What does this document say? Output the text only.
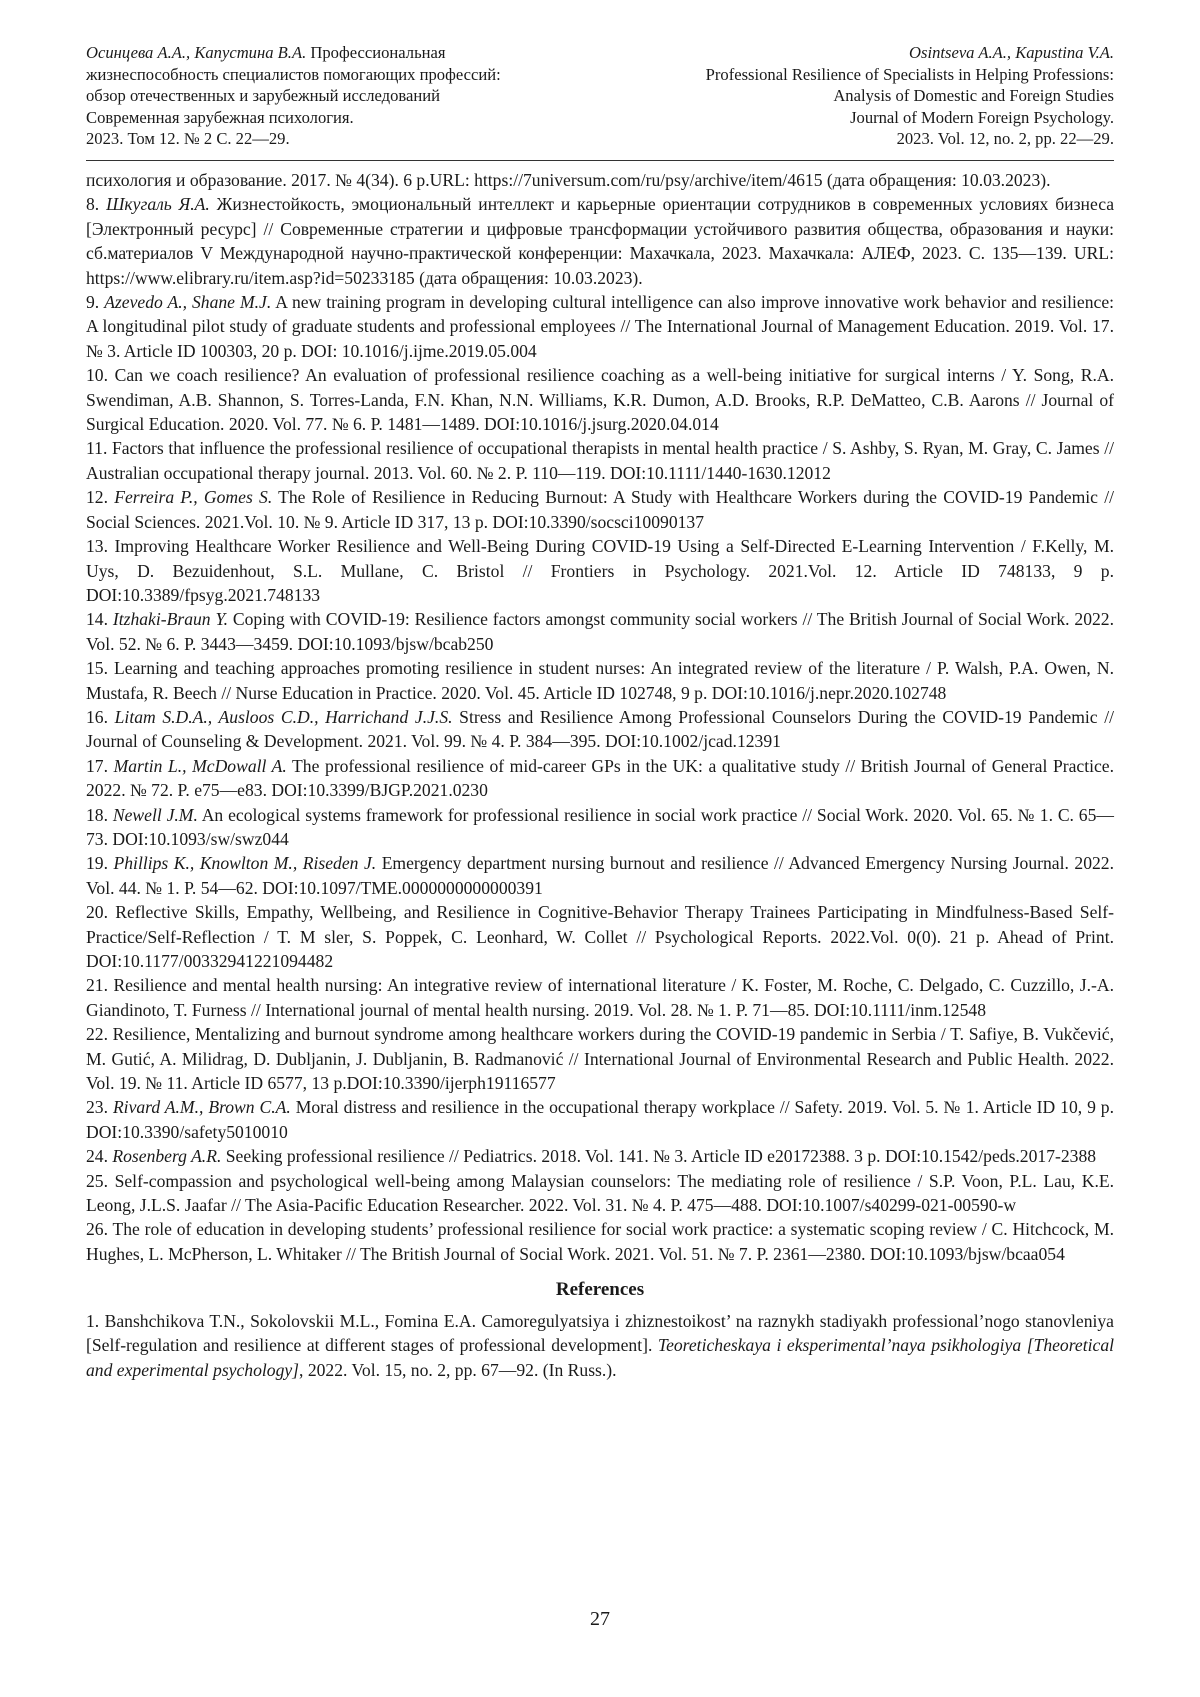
Осинцева А.А., Капустина В.А. Профессиональная
жизнеспособность специалистов помогающих профессий:
обзор отечественных и зарубежный исследований
Современная зарубежная психология.
2023. Том 12. № 2 С. 22—29.
Osintseva A.A., Kapustina V.A.
Professional Resilience of Specialists in Helping Professions:
Analysis of Domestic and Foreign Studies
Journal of Modern Foreign Psychology.
2023. Vol. 12, no. 2, pp. 22—29.

психология и образование. 2017. № 4(34). 6 p.URL: https://7universum.com/ru/psy/archive/item/4615 (дата обращения: 10.03.2023).

8. Шкугаль Я.А. Жизнестойкость, эмоциональный интеллект и карьерные ориентации сотрудников в современных условиях бизнеса [Электронный ресурс] // Современные стратегии и цифровые трансформации устойчивого развития общества, образования и науки: сб.материалов V Международной научно-практической конференции: Махачкала, 2023. Махачкала: АЛЕФ, 2023. С. 135—139. URL: https://www.elibrary.ru/item.asp?id=50233185 (дата обращения: 10.03.2023).

9. Azevedo A., Shane M.J. A new training program in developing cultural intelligence can also improve innovative work behavior and resilience: A longitudinal pilot study of graduate students and professional employees // The International Journal of Management Education. 2019. Vol. 17. № 3. Article ID 100303, 20 p. DOI: 10.1016/j.ijme.2019.05.004

10. Can we coach resilience? An evaluation of professional resilience coaching as a well-being initiative for surgical interns / Y. Song, R.A. Swendiman, A.B. Shannon, S. Torres-Landa, F.N. Khan, N.N. Williams, K.R. Dumon, A.D. Brooks, R.P. DeMatteo, C.B. Aarons // Journal of Surgical Education. 2020. Vol. 77. № 6. P. 1481—1489. DOI:10.1016/j.jsurg.2020.04.014

11. Factors that influence the professional resilience of occupational therapists in mental health practice / S. Ashby, S. Ryan, M. Gray, C. James // Australian occupational therapy journal. 2013. Vol. 60. № 2. P. 110—119. DOI:10.1111/1440-1630.12012

12. Ferreira P., Gomes S. The Role of Resilience in Reducing Burnout: A Study with Healthcare Workers during the COVID-19 Pandemic // Social Sciences. 2021.Vol. 10. № 9. Article ID 317, 13 p. DOI:10.3390/socsci10090137

13. Improving Healthcare Worker Resilience and Well-Being During COVID-19 Using a Self-Directed E-Learning Intervention / F.Kelly, M. Uys, D. Bezuidenhout, S.L. Mullane, C. Bristol // Frontiers in Psychology. 2021.Vol. 12. Article ID 748133, 9 p. DOI:10.3389/fpsyg.2021.748133

14. Itzhaki-Braun Y. Coping with COVID-19: Resilience factors amongst community social workers // The British Journal of Social Work. 2022. Vol. 52. № 6. P. 3443—3459. DOI:10.1093/bjsw/bcab250

15. Learning and teaching approaches promoting resilience in student nurses: An integrated review of the literature / P. Walsh, P.A. Owen, N. Mustafa, R. Beech // Nurse Education in Practice. 2020. Vol. 45. Article ID 102748, 9 p. DOI:10.1016/j.nepr.2020.102748

16. Litam S.D.A., Ausloos C.D., Harrichand J.J.S. Stress and Resilience Among Professional Counselors During the COVID-19 Pandemic // Journal of Counseling & Development. 2021. Vol. 99. № 4. P. 384—395. DOI:10.1002/jcad.12391

17. Martin L., McDowall A. The professional resilience of mid-career GPs in the UK: a qualitative study // British Journal of General Practice. 2022. № 72. P. e75—e83. DOI:10.3399/BJGP.2021.0230

18. Newell J.M. An ecological systems framework for professional resilience in social work practice // Social Work. 2020. Vol. 65. № 1. C. 65—73. DOI:10.1093/sw/swz044

19. Phillips K., Knowlton M., Riseden J. Emergency department nursing burnout and resilience // Advanced Emergency Nursing Journal. 2022. Vol. 44. № 1. P. 54—62. DOI:10.1097/TME.0000000000000391

20. Reflective Skills, Empathy, Wellbeing, and Resilience in Cognitive-Behavior Therapy Trainees Participating in Mindfulness-Based Self-Practice/Self-Reflection / T. M sler, S. Poppek, C. Leonhard, W. Collet // Psychological Reports. 2022.Vol. 0(0). 21 p. Ahead of Print. DOI:10.1177/00332941221094482

21. Resilience and mental health nursing: An integrative review of international literature / K. Foster, M. Roche, C. Delgado, C. Cuzzillo, J.-A. Giandinoto, T. Furness // International journal of mental health nursing. 2019. Vol. 28. № 1. P. 71—85. DOI:10.1111/inm.12548

22. Resilience, Mentalizing and burnout syndrome among healthcare workers during the COVID-19 pandemic in Serbia / T. Safiye, B. Vukčević, M. Gutić, A. Milidrag, D. Dubljanin, J. Dubljanin, B. Radmanović // International Journal of Environmental Research and Public Health. 2022. Vol. 19. № 11. Article ID 6577, 13 p.DOI:10.3390/ijerph19116577

23. Rivard A.M., Brown C.A. Moral distress and resilience in the occupational therapy workplace // Safety. 2019. Vol. 5. № 1. Article ID 10, 9 p. DOI:10.3390/safety5010010

24. Rosenberg A.R. Seeking professional resilience // Pediatrics. 2018. Vol. 141. № 3. Article ID e20172388. 3 p. DOI:10.1542/peds.2017-2388

25. Self-compassion and psychological well-being among Malaysian counselors: The mediating role of resilience / S.P. Voon, P.L. Lau, K.E. Leong, J.L.S. Jaafar // The Asia-Pacific Education Researcher. 2022. Vol. 31. № 4. P. 475—488. DOI:10.1007/s40299-021-00590-w

26. The role of education in developing students’ professional resilience for social work practice: a systematic scoping review / C. Hitchcock, M. Hughes, L. McPherson, L. Whitaker // The British Journal of Social Work. 2021. Vol. 51. № 7. P. 2361—2380. DOI:10.1093/bjsw/bcaa054

References

1. Banshchikova T.N., Sokolovskii M.L., Fomina E.A. Camoregulyatsiya i zhiznestoikost’ na raznykh stadiyakh professional’nogo stanovleniya [Self-regulation and resilience at different stages of professional development]. Teoreticheskaya i eksperimental’naya psikhologiya [Theoretical and experimental psychology], 2022. Vol. 15, no. 2, pp. 67—92. (In Russ.).

27
